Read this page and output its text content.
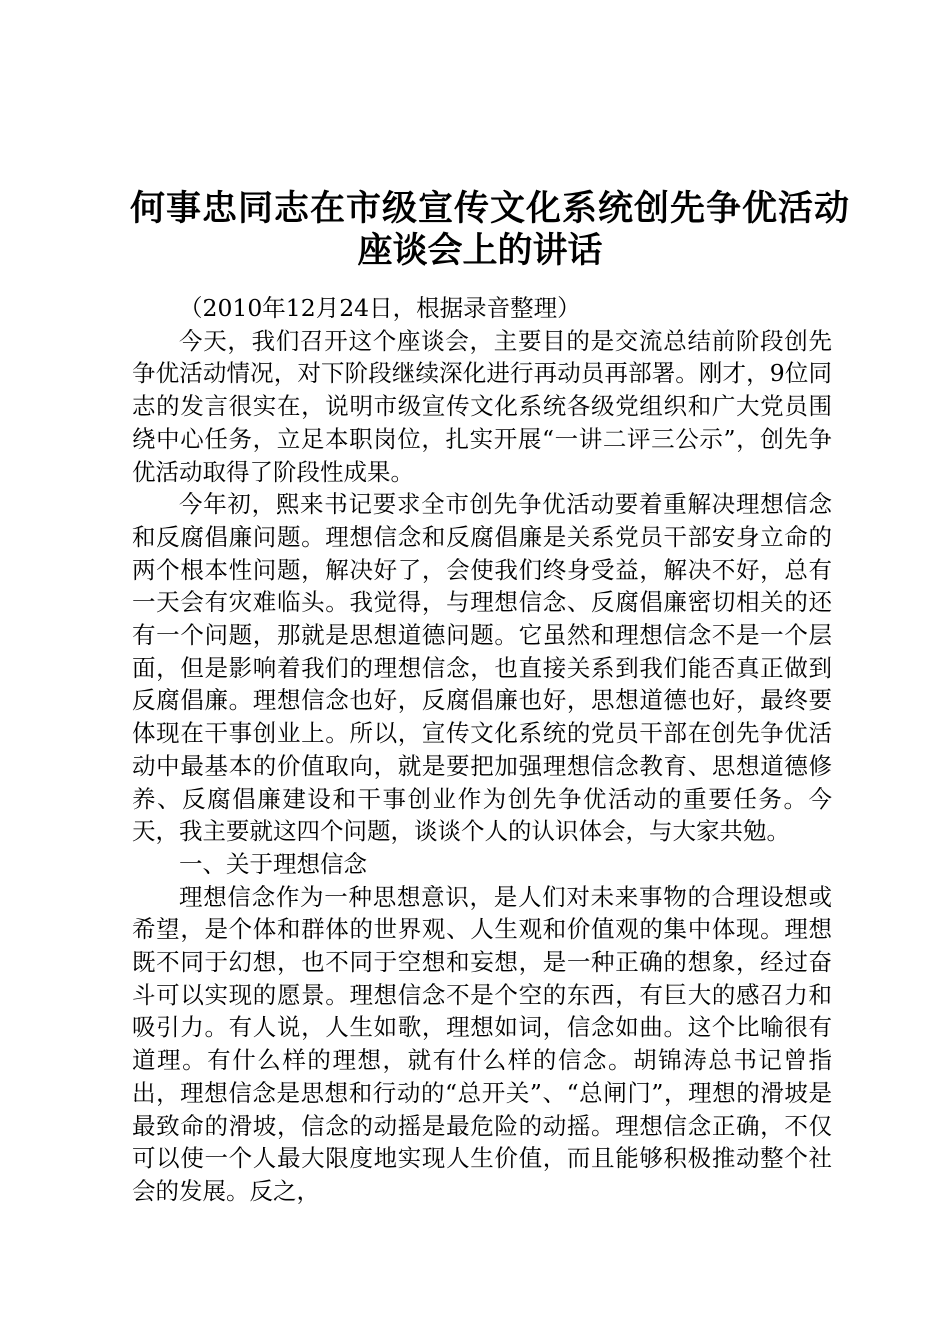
何事忠同志在市级宣传文化系统创先争优活动
座谈会上的讲话

（2010年12月24日，根据录音整理）

今天，我们召开这个座谈会，主要目的是交流总结前阶段创先争优活动情况，对下阶段继续深化进行再动员再部署。刚才，9位同志的发言很实在，说明市级宣传文化系统各级党组织和广大党员围绕中心任务，立足本职岗位，扎实开展“一讲二评三公示”，创先争优活动取得了阶段性成果。

今年初，熙来书记要求全市创先争优活动要着重解决理想信念和反腐倡廉问题。理想信念和反腐倡廉是关系党员干部安身立命的两个根本性问题，解决好了，会使我们终身受益，解决不好，总有一天会有灾难临头。我觉得，与理想信念、反腐倡廉密切相关的还有一个问题，那就是思想道德问题。它虽然和理想信念不是一个层面，但是影响着我们的理想信念，也直接关系到我们能否真正做到反腐倡廉。理想信念也好，反腐倡廉也好，思想道德也好，最终要体现在干事创业上。所以，宣传文化系统的党员干部在创先争优活动中最基本的价值取向，就是要把加强理想信念教育、思想道德修养、反腐倡廉建设和干事创业作为创先争优活动的重要任务。今天，我主要就这四个问题，谈谈个人的认识体会，与大家共勉。

一、关于理想信念

理想信念作为一种思想意识，是人们对未来事物的合理设想或希望，是个体和群体的世界观、人生观和价值观的集中体现。理想既不同于幻想，也不同于空想和妄想，是一种正确的想象，经过奋斗可以实现的愿景。理想信念不是个空的东西，有巨大的感召力和吸引力。有人说，人生如歌，理想如词，信念如曲。这个比喻很有道理。有什么样的理想，就有什么样的信念。胡锦涛总书记曾指出，理想信念是思想和行动的“总开关”、“总闸门”，理想的滑坡是最致命的滑坡，信念的动摇是最危险的动摇。理想信念正确，不仅可以使一个人最大限度地实现人生价值，而且能够积极推动整个社会的发展。反之，
